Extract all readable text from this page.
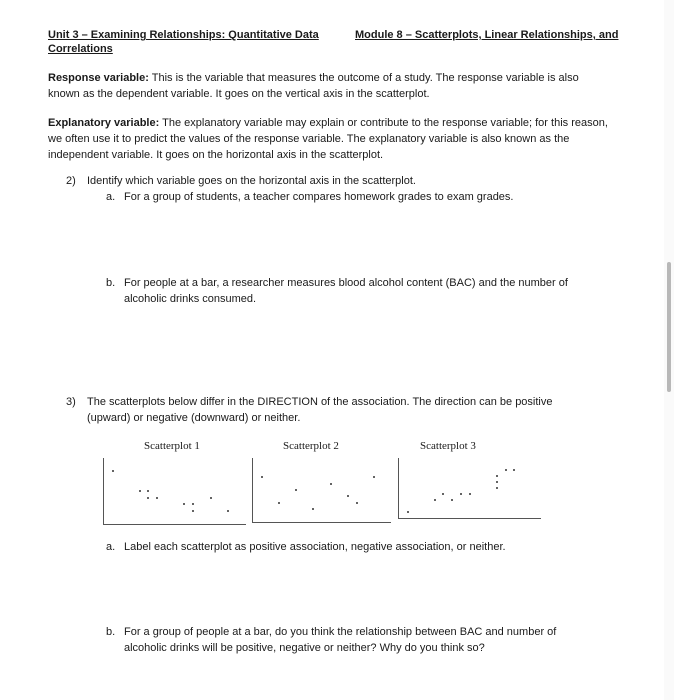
Unit 3 – Examining Relationships: Quantitative Data
Correlations
Module 8 – Scatterplots, Linear Relationships, and
Response variable: This is the variable that measures the outcome of a study. The response variable is also known as the dependent variable. It goes on the vertical axis in the scatterplot.
Explanatory variable: The explanatory variable may explain or contribute to the response variable; for this reason, we often use it to predict the values of the response variable. The explanatory variable is also known as the independent variable. It goes on the horizontal axis in the scatterplot.
2) Identify which variable goes on the horizontal axis in the scatterplot.
a. For a group of students, a teacher compares homework grades to exam grades.
b. For people at a bar, a researcher measures blood alcohol content (BAC) and the number of alcoholic drinks consumed.
3) The scatterplots below differ in the DIRECTION of the association. The direction can be positive (upward) or negative (downward) or neither.
Scatterplot 1	Scatterplot 2	Scatterplot 3
a. Label each scatterplot as positive association, negative association, or neither.
b. For a group of people at a bar, do you think the relationship between BAC and number of alcoholic drinks will be positive, negative or neither? Why do you think so?
